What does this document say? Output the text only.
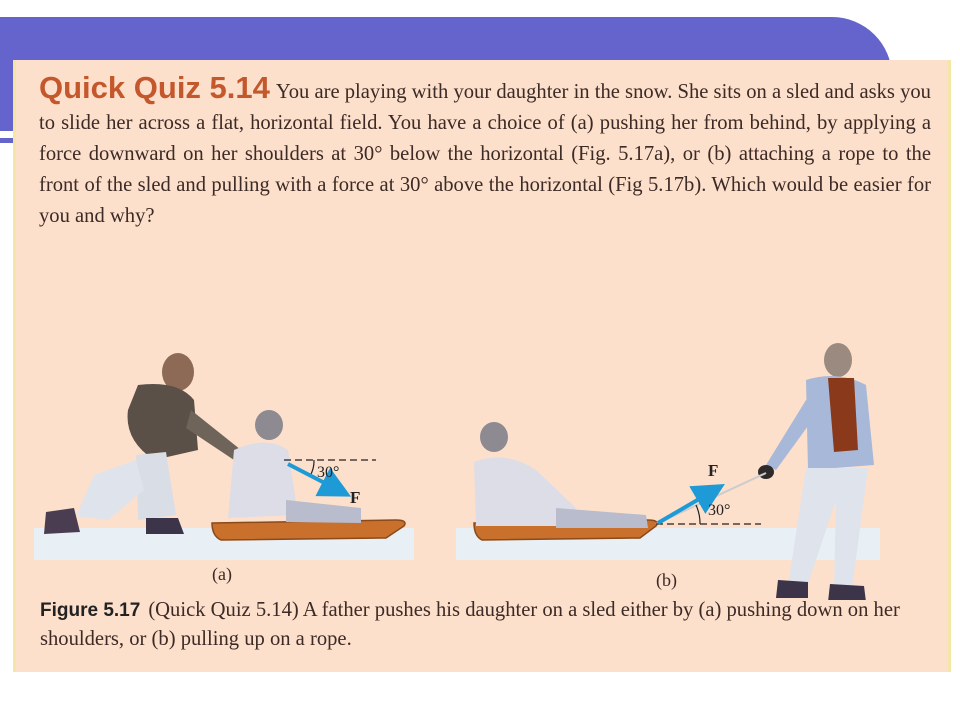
Quick Quiz 5.14 You are playing with your daughter in the snow. She sits on a sled and asks you to slide her across a flat, horizontal field. You have a choice of (a) pushing her from behind, by applying a force downward on her shoulders at 30° below the horizontal (Fig. 5.17a), or (b) attaching a rope to the front of the sled and pulling with a force at 30° above the horizontal (Fig 5.17b). Which would be easier for you and why?

30°
F
30°
F
(a)	(b)

Figure 5.17 (Quick Quiz 5.14) A father pushes his daughter on a sled either by (a) pushing down on her shoulders, or (b) pulling up on a rope.
